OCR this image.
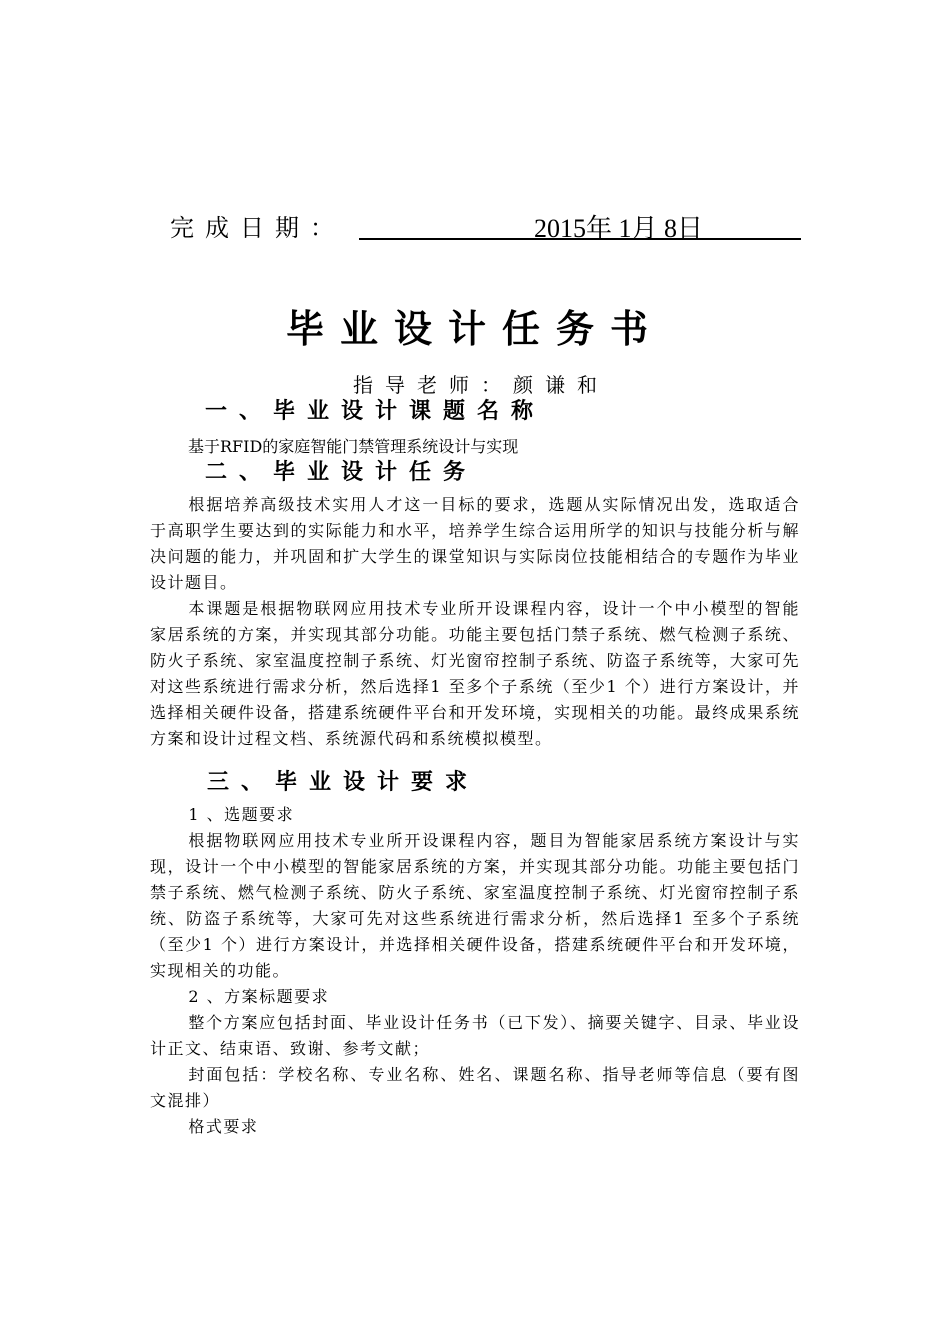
完成日期：	2015年 1月 8日
毕业设计任务书
指导老师：颜谦和
一、毕业设计课题名称
基于RFID的家庭智能门禁管理系统设计与实现
二、毕业设计任务

根据培养高级技术实用人才这一目标的要求，选题从实际情况出发，选取适合于高职学生要达到的实际能力和水平，培养学生综合运用所学的知识与技能分析与解决问题的能力，并巩固和扩大学生的课堂知识与实际岗位技能相结合的专题作为毕业设计题目。

本课题是根据物联网应用技术专业所开设课程内容，设计一个中小模型的智能家居系统的方案，并实现其部分功能。功能主要包括门禁子系统、燃气检测子系统、防火子系统、家室温度控制子系统、灯光窗帘控制子系统、防盗子系统等，大家可先对这些系统进行需求分析，然后选择1 至多个子系统（至少1 个）进行方案设计，并选择相关硬件设备，搭建系统硬件平台和开发环境，实现相关的功能。最终成果系统方案和设计过程文档、系统源代码和系统模拟模型。

三、毕业设计要求

1 、选题要求

根据物联网应用技术专业所开设课程内容，题目为智能家居系统方案设计与实现，设计一个中小模型的智能家居系统的方案，并实现其部分功能。功能主要包括门禁子系统、燃气检测子系统、防火子系统、家室温度控制子系统、灯光窗帘控制子系统、防盗子系统等，大家可先对这些系统进行需求分析，然后选择1 至多个子系统（至少1 个）进行方案设计，并选择相关硬件设备，搭建系统硬件平台和开发环境，实现相关的功能。

2 、方案标题要求

整个方案应包括封面、毕业设计任务书（已下发）、摘要关键字、目录、毕业设计正文、结束语、致谢、参考文献；

封面包括：学校名称、专业名称、姓名、课题名称、指导老师等信息（要有图文混排）

格式要求
